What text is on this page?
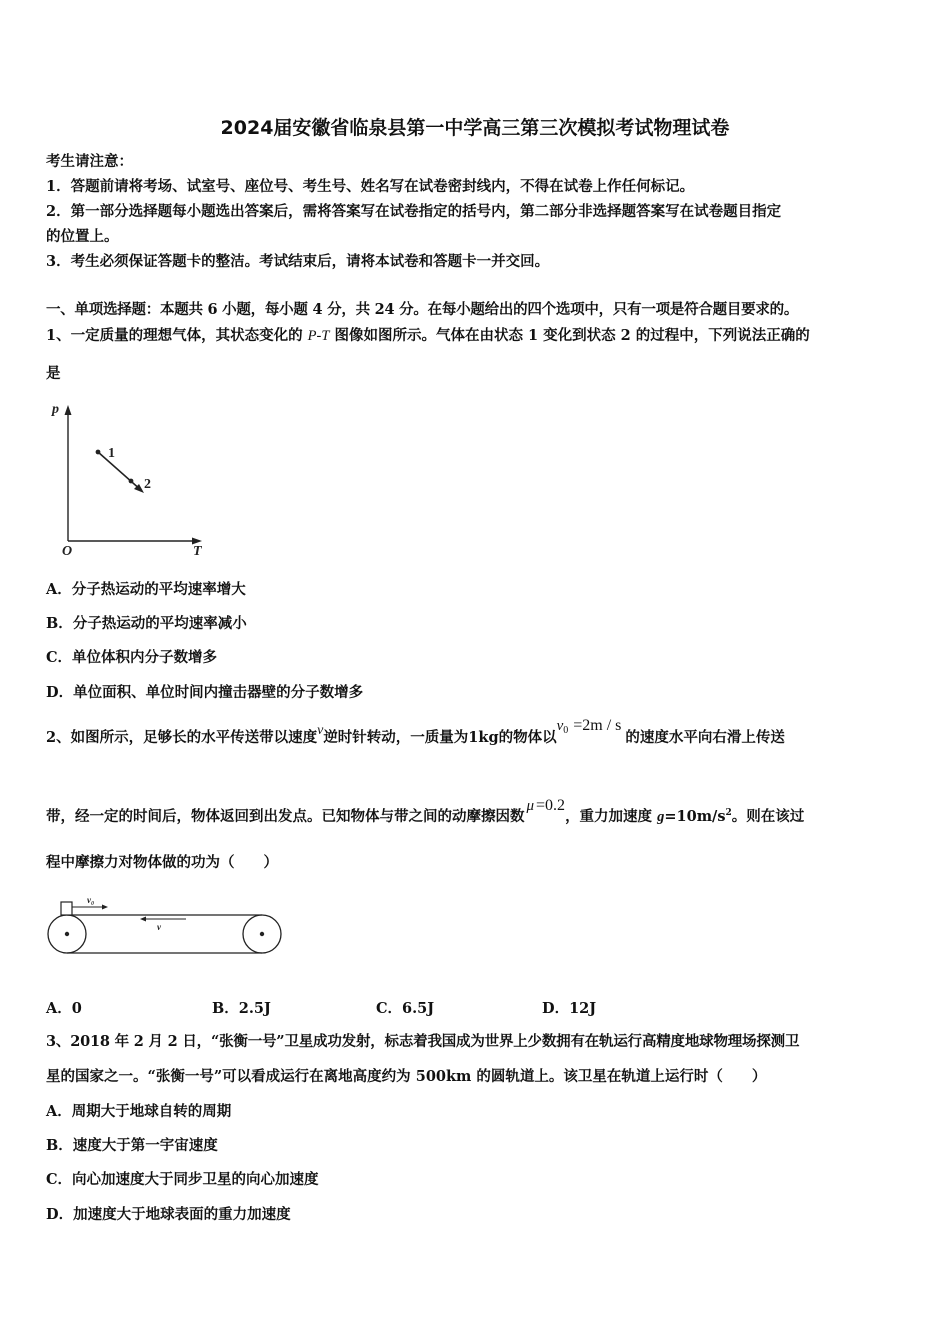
2024届安徽省临泉县第一中学高三第三次模拟考试物理试卷
考生请注意：
1．答题前请将考场、试室号、座位号、考生号、姓名写在试卷密封线内，不得在试卷上作任何标记。
2．第一部分选择题每小题选出答案后，需将答案写在试卷指定的括号内，第二部分非选择题答案写在试卷题目指定
的位置上。
3．考生必须保证答题卡的整洁。考试结束后，请将本试卷和答题卡一并交回。
一、单项选择题：本题共 6 小题，每小题 4 分，共 24 分。在每小题给出的四个选项中，只有一项是符合题目要求的。
1、一定质量的理想气体，其状态变化的 P-T 图像如图所示。气体在由状态 1 变化到状态 2 的过程中，下列说法正确的
是
p
T
O
1
2
A．分子热运动的平均速率增大
B．分子热运动的平均速率减小
C．单位体积内分子数增多
D．单位面积、单位时间内撞击器壁的分子数增多
2、如图所示，足够长的水平传送带以速度v逆时针转动，一质量为1kg的物体以$v^0 =2m / s$的速度水平向右滑上传送
带，经一定的时间后，物体返回到出发点。已知物体与带之间的动摩擦因数μ =0.2，重力加速度 $g=10m/s^2$。则在该过
程中摩擦力对物体做的功为（　　）
v₀
v
A．0	B．2.5J	C．6.5J	D．12J
3、2018 年 2 月 2 日，“张衡一号”卫星成功发射，标志着我国成为世界上少数拥有在轨运行高精度地球物理场探测卫
星的国家之一。“张衡一号”可以看成运行在离地高度约为 500km 的圆轨道上。该卫星在轨道上运行时（　　）
A．周期大于地球自转的周期
B．速度大于第一宇宙速度
C．向心加速度大于同步卫星的向心加速度
D．加速度大于地球表面的重力加速度
